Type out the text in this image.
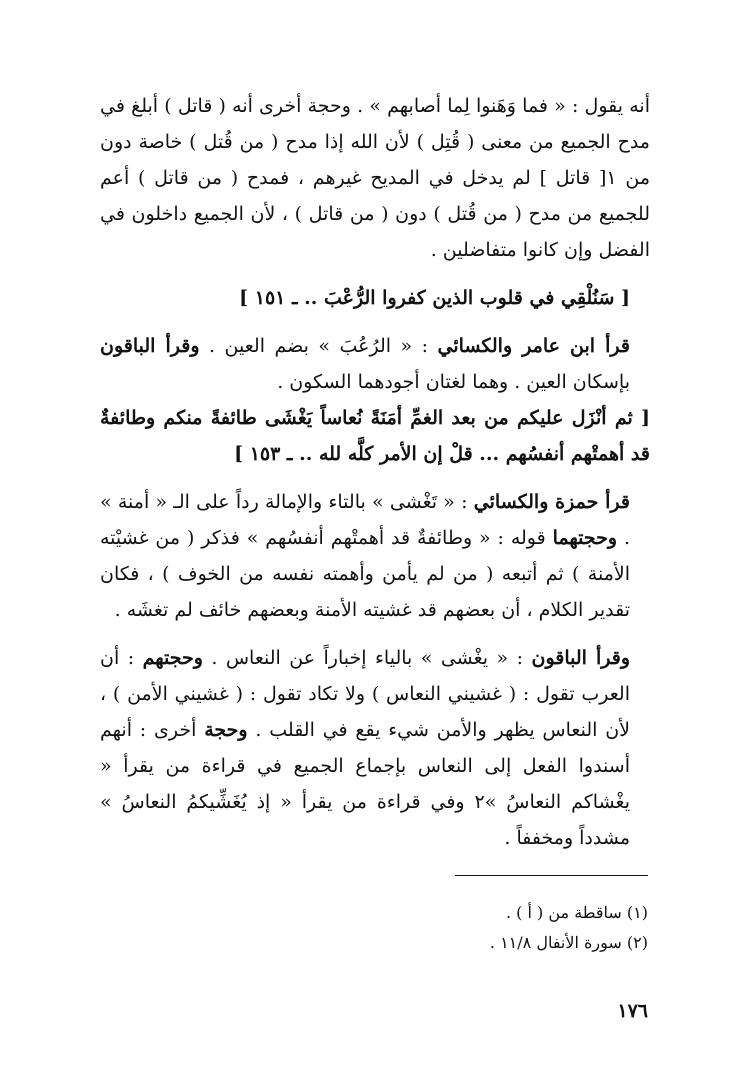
أنه يقول : « فما وَهَنوا لِما أصابهم » . وحجة أخرى أنه ( قاتل ) أبلغ في مدح الجميع من معنى ( قُتِل ) لأن الله إذا مدح ( من قُتل ) خاصة دون من ١[ قاتل ] لم يدخل في المديح غيرهم ، فمدح ( من قاتل ) أعم للجميع من مدح ( من قُتل ) دون ( من قاتل ) ، لأن الجميع داخلون في الفضل وإن كانوا متفاضلين .

[ سَنُلْقِي في قلوب الذين كفروا الرُّعْبَ .. ـ ١٥١ ]

قرأ ابن عامر والكسائي : « الرُعُبَ » بضم العين . وقرأ الباقون بإسكان العين . وهما لغتان أجودهما السكون .

[ ثم أنْزَل عليكم من بعد الغمِّ أمَنَةً نُعاساً يَغْشَى طائفةً منكم وطائفةٌ قد أهمتْهم أنفسُهم ... قلْ إن الأمر كلَّه لله .. ـ ١٥٣ ]

قرأ حمزة والكسائي : « تَغْشى » بالتاء والإمالة رداً على الـ « أمنة » . وحجتهما قوله : « وطائفةٌ قد أهمتْهم أنفسُهم » فذكر ( من غشيْته الأمنة ) ثم أتبعه ( من لم يأمن وأهمته نفسه من الخوف ) ، فكان تقدير الكلام ، أن بعضهم قد غشيته الأمنة وبعضهم خائف لم تغشَه .

وقرأ الباقون : « يغْشى » بالياء إخباراً عن النعاس . وحجتهم : أن العرب تقول : ( غشيني النعاس ) ولا تكاد تقول : ( غشيني الأمن ) ، لأن النعاس يظهر والأمن شيء يقع في القلب . وحجة أخرى : أنهم أسندوا الفعل إلى النعاس بإجماع الجميع في قراءة من يقرأ « يغْشاكم النعاسُ »٢ وفي قراءة من يقرأ « إذ يُغَشِّيكمُ النعاسُ » مشدداً ومخففاً .

(١) ساقطة من ( أ ) .

(٢) سورة الأنفال ١١/٨ .

١٧٦
